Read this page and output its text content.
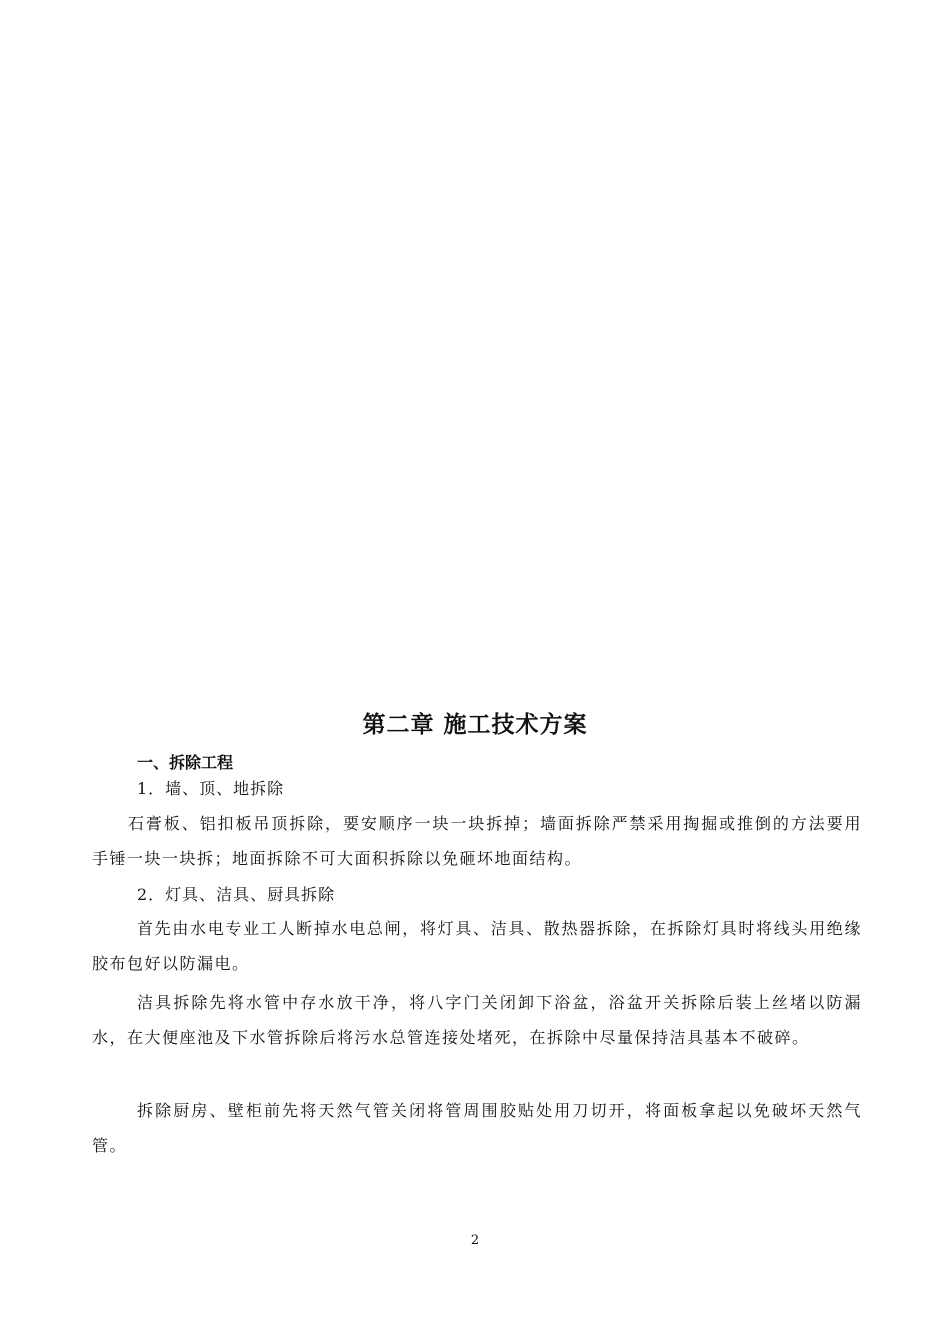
第二章 施工技术方案
一、拆除工程
1．墙、顶、地拆除

石膏板、铝扣板吊顶拆除，要安顺序一块一块拆掉；墙面拆除严禁采用掏掘或推倒的方法要用手锤一块一块拆；地面拆除不可大面积拆除以免砸坏地面结构。

2．灯具、洁具、厨具拆除

首先由水电专业工人断掉水电总闸，将灯具、洁具、散热器拆除，在拆除灯具时将线头用绝缘胶布包好以防漏电。

洁具拆除先将水管中存水放干净，将八字门关闭卸下浴盆，浴盆开关拆除后装上丝堵以防漏水，在大便座池及下水管拆除后将污水总管连接处堵死，在拆除中尽量保持洁具基本不破碎。

拆除厨房、壁柜前先将天然气管关闭将管周围胶贴处用刀切开，将面板拿起以免破坏天然气管。

2
